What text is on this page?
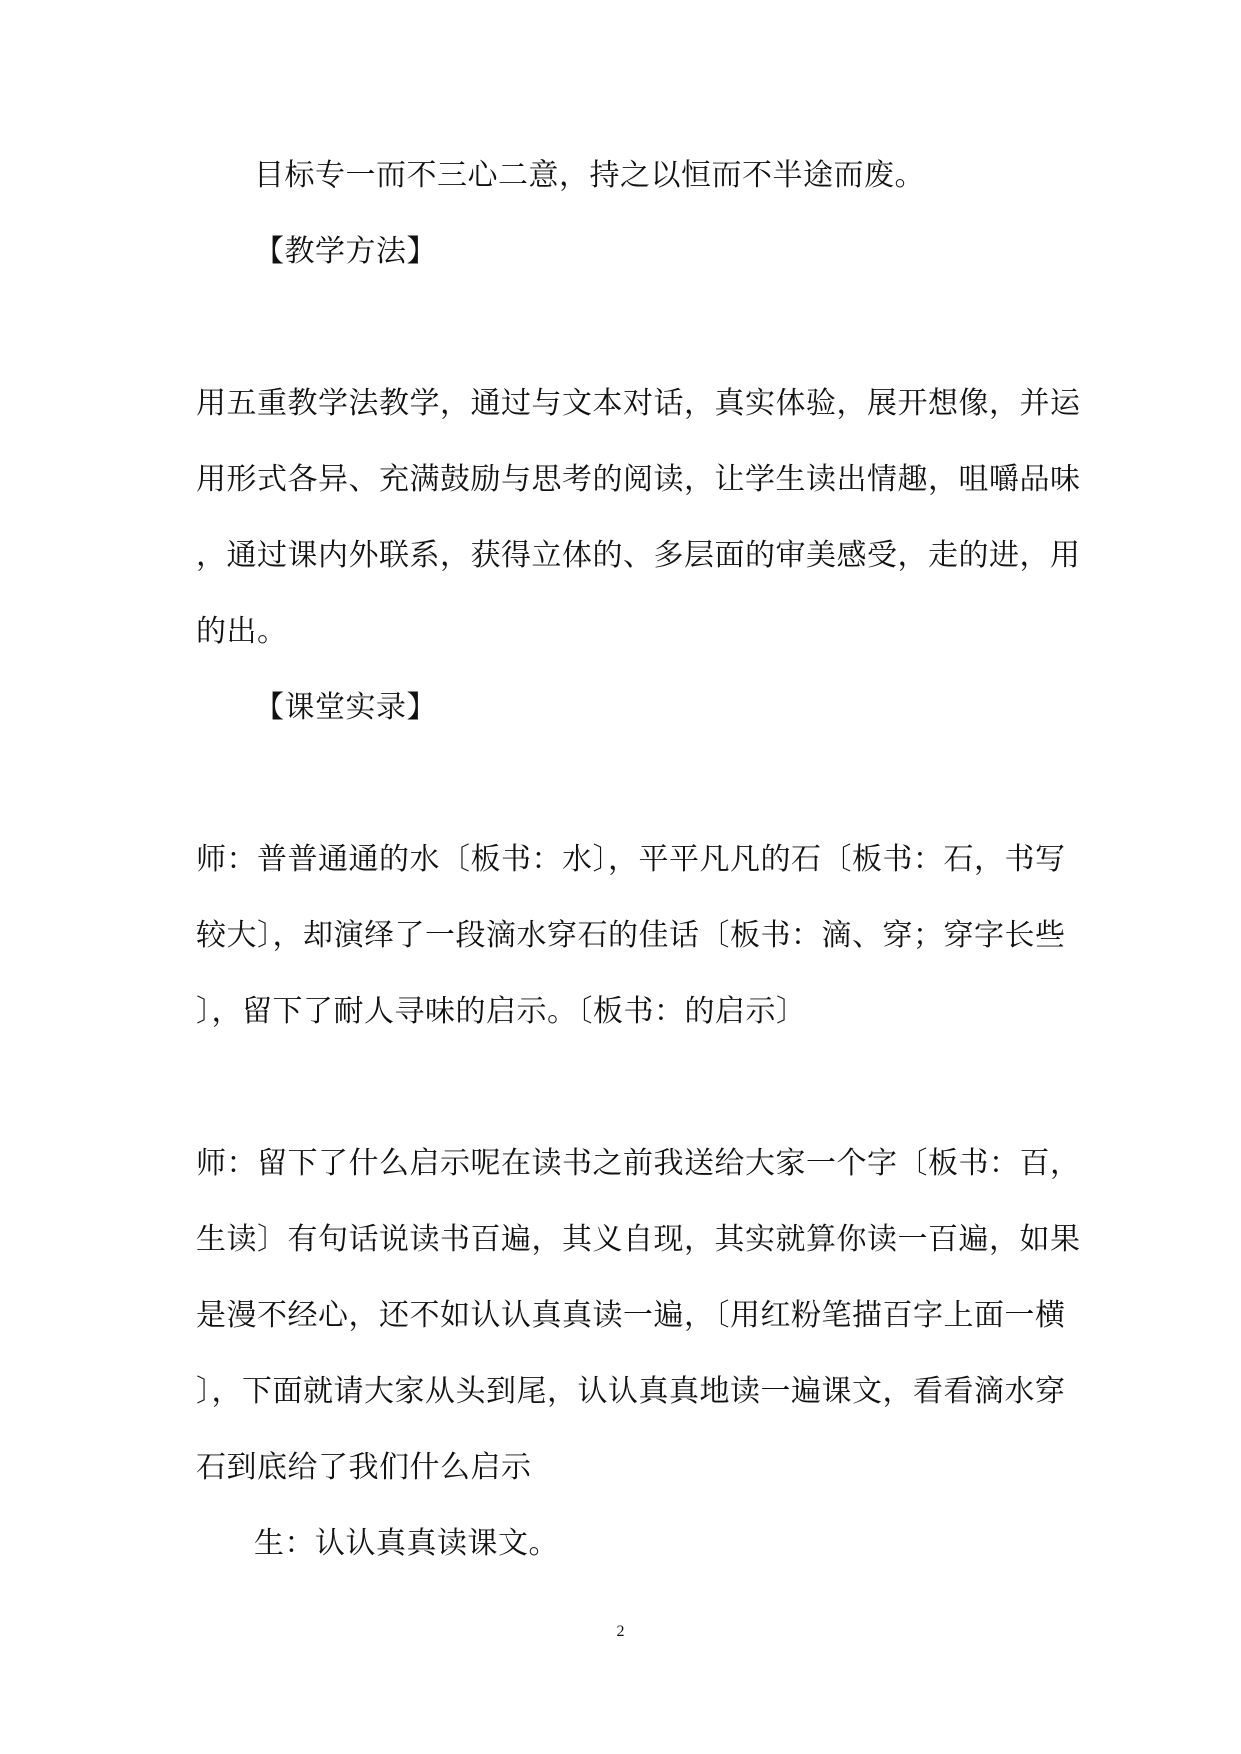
目标专一而不三心二意，持之以恒而不半途而废。
【教学方法】
用五重教学法教学，通过与文本对话，真实体验，展开想像，并运
用形式各异、充满鼓励与思考的阅读，让学生读出情趣，咀嚼品味
，通过课内外联系，获得立体的、多层面的审美感受，走的进，用
的出。
【课堂实录】
师：普普通通的水〔板书：水〕，平平凡凡的石〔板书：石，书写
较大〕，却演绎了一段滴水穿石的佳话〔板书：滴、穿；穿字长些
〕，留下了耐人寻味的启示。〔板书：的启示〕
师：留下了什么启示呢在读书之前我送给大家一个字〔板书：百，
生读〕有句话说读书百遍，其义自现，其实就算你读一百遍，如果
是漫不经心，还不如认认真真读一遍，〔用红粉笔描百字上面一横
〕，下面就请大家从头到尾，认认真真地读一遍课文，看看滴水穿
石到底给了我们什么启示
生：认认真真读课文。
2
